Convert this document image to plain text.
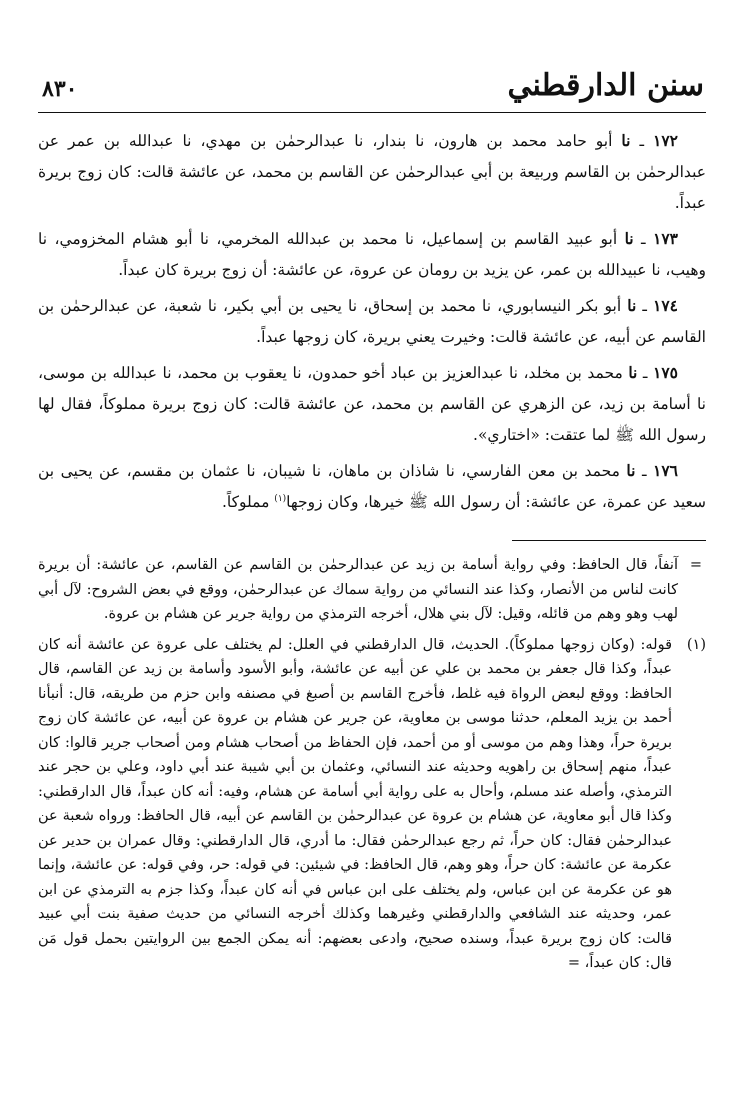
سنن الدارقطني
٨٣٠

١٧٢ ـ نا أبو حامد محمد بن هارون، نا بندار، نا عبدالرحمٰن بن مهدي، نا عبدالله بن عمر عن عبدالرحمٰن بن القاسم وربيعة بن أبي عبدالرحمٰن عن القاسم بن محمد، عن عائشة قالت: كان زوج بريرة عبداً.

١٧٣ ـ نا أبو عبيد القاسم بن إسماعيل، نا محمد بن عبدالله المخرمي، نا أبو هشام المخزومي، نا وهيب، نا عبيدالله بن عمر، عن يزيد بن رومان عن عروة، عن عائشة: أن زوج بريرة كان عبداً.

١٧٤ ـ نا أبو بكر النيسابوري، نا محمد بن إسحاق، نا يحيى بن أبي بكير، نا شعبة، عن عبدالرحمٰن بن القاسم عن أبيه، عن عائشة قالت: وخيرت يعني بريرة، كان زوجها عبداً.

١٧٥ ـ نا محمد بن مخلد، نا عبدالعزيز بن عباد أخو حمدون، نا يعقوب بن محمد، نا عبدالله بن موسى، نا أسامة بن زيد، عن الزهري عن القاسم بن محمد، عن عائشة قالت: كان زوج بريرة مملوكاً، فقال لها رسول الله ﷺ لما عتقت: «اختاري».

١٧٦ ـ نا محمد بن معن الفارسي، نا شاذان بن ماهان، نا شيبان، نا عثمان بن مقسم، عن يحيى بن سعيد عن عمرة، عن عائشة: أن رسول الله ﷺ خيرها، وكان زوجها$^{(١)}$ مملوكاً.

=
آنفاً، قال الحافظ: وفي رواية أسامة بن زيد عن عبدالرحمٰن بن القاسم عن القاسم، عن عائشة: أن بريرة كانت لناس من الأنصار، وكذا عند النسائي من رواية سماك عن عبدالرحمٰن، ووقع في بعض الشروح: لآل أبي لهب وهو وهم من قائله، وقيل: لآل بني هلال، أخرجه الترمذي من رواية جرير عن هشام بن عروة.

(١)
قوله: (وكان زوجها مملوكاً). الحديث، قال الدارقطني في العلل: لم يختلف على عروة عن عائشة أنه كان عبداً، وكذا قال جعفر بن محمد بن علي عن أبيه عن عائشة، وأبو الأسود وأسامة بن زيد عن القاسم، قال الحافظ: ووقع لبعض الرواة فيه غلط، فأخرج القاسم بن أصبغ في مصنفه وابن حزم من طريقه، قال: أنبأنا أحمد بن يزيد المعلم، حدثنا موسى بن معاوية، عن جرير عن هشام بن عروة عن أبيه، عن عائشة كان زوج بريرة حراً، وهذا وهم من موسى أو من أحمد، فإن الحفاظ من أصحاب هشام ومن أصحاب جرير قالوا: كان عبداً، منهم إسحاق بن راهويه وحديثه عند النسائي، وعثمان بن أبي شيبة عند أبي داود، وعلي بن حجر عند الترمذي، وأصله عند مسلم، وأحال به على رواية أبي أسامة عن هشام، وفيه: أنه كان عبداً، قال الدارقطني: وكذا قال أبو معاوية، عن هشام بن عروة عن عبدالرحمٰن بن القاسم عن أبيه، قال الحافظ: ورواه شعبة عن عبدالرحمٰن فقال: كان حراً، ثم رجع عبدالرحمٰن فقال: ما أدري، قال الدارقطني: وقال عمران بن حدير عن عكرمة عن عائشة: كان حراً، وهو وهم، قال الحافظ: في شيئين: في قوله: حر، وفي قوله: عن عائشة، وإنما هو عن عكرمة عن ابن عباس، ولم يختلف على ابن عباس في أنه كان عبداً، وكذا جزم به الترمذي عن ابن عمر، وحديثه عند الشافعي والدارقطني وغيرهما وكذلك أخرجه النسائي من حديث صفية بنت أبي عبيد قالت: كان زوج بريرة عبداً، وسنده صحيح، وادعى بعضهم: أنه يمكن الجمع بين الروايتين بحمل قول مَن قال: كان عبداً، =
